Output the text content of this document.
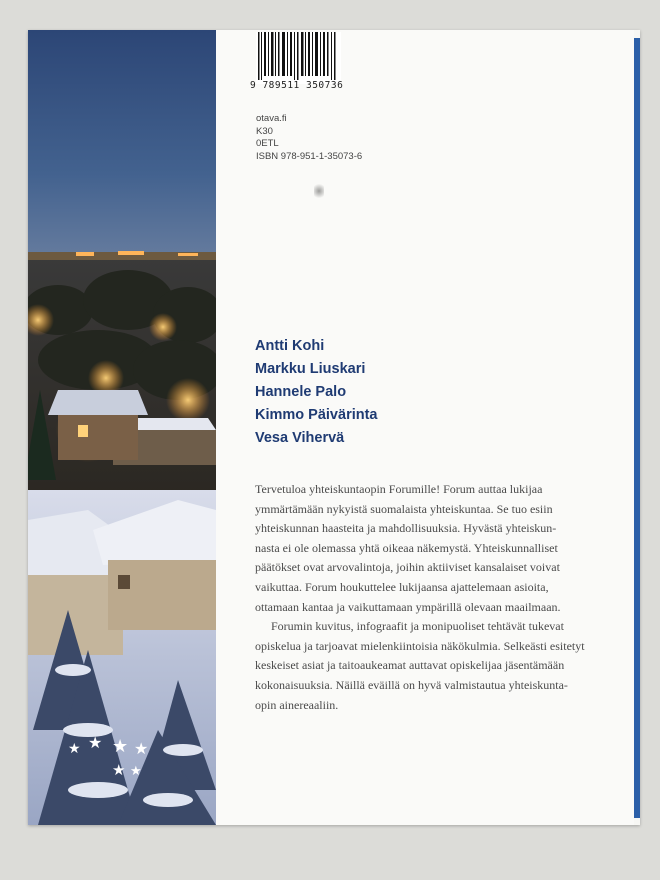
★ ★ ★ ★
★ ★
9 789511 350736
otava.fi
K30
0ETL
ISBN 978-951-1-35073-6
Antti Kohi
Markku Liuskari
Hannele Palo
Kimmo Päivärinta
Vesa Vihervä

Tervetuloa yhteiskuntaopin Forumille! Forum auttaa lukijaa
ymmärtämään nykyistä suomalaista yhteiskuntaa. Se tuo esiin
yhteiskunnan haasteita ja mahdollisuuksia. Hyvästä yhteiskun-
nasta ei ole olemassa yhtä oikeaa näkemystä. Yhteiskunnalliset
päätökset ovat arvovalintoja, joihin aktiiviset kansalaiset voivat
vaikuttaa. Forum houkuttelee lukijaansa ajattelemaan asioita,
ottamaan kantaa ja vaikuttamaan ympärillä olevaan maailmaan.

Forumin kuvitus, infograafit ja monipuoliset tehtävät tukevat
opiskelua ja tarjoavat mielenkiintoisia näkökulmia. Selkeästi esitetyt
keskeiset asiat ja taitoaukeamat auttavat opiskelijaa jäsentämään
kokonaisuuksia. Näillä eväillä on hyvä valmistautua yhteiskunta-
opin ainereaaliin.
